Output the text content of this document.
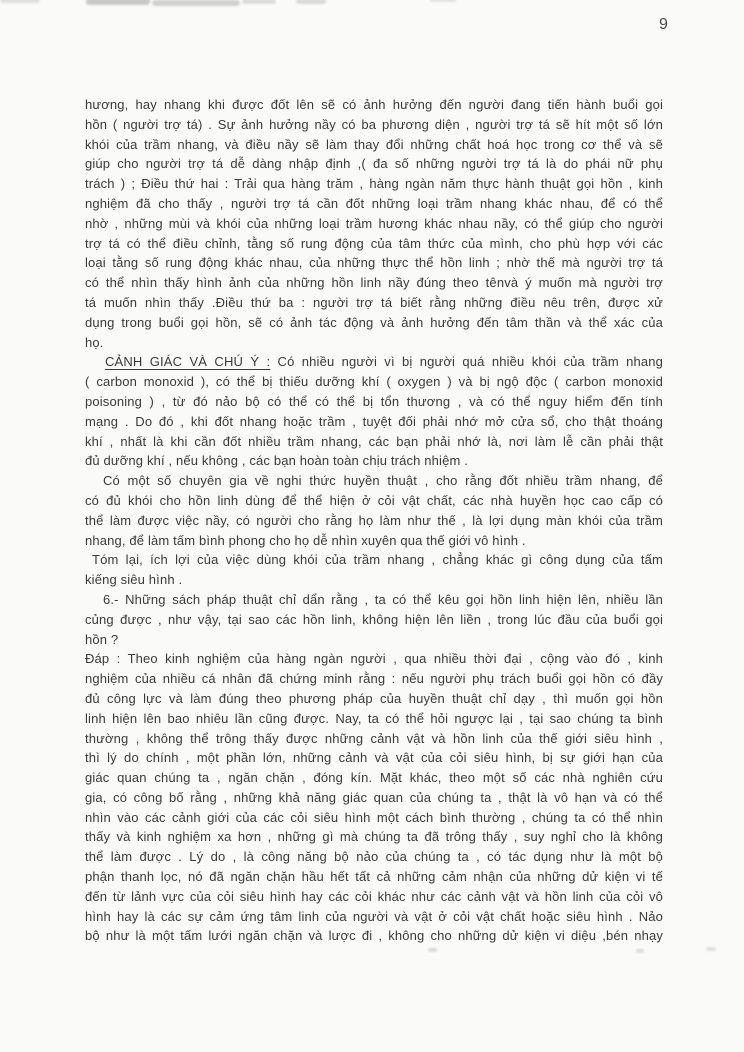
9
hương, hay nhang khi được đốt lên sẽ có ảnh hưởng đến người đang tiến hành buổi gọi
hồn ( người trợ tá) . Sự ảnh hưởng nầy có ba phương diện , người trợ tá sẽ hít một số lớn
khói của trầm nhang, và điều nầy sẽ làm thay đổi những chất hoá học trong cơ thể và sẽ
giúp cho người trợ tá dễ dàng nhập định ,( đa số những người trợ tá là do phái nữ phụ
trách ) ; Điều thứ hai : Trải qua hàng trăm , hàng ngàn năm thực hành thuật gọi hồn , kinh
nghiệm đã cho thấy , người trợ tá cần đốt những loại trầm nhang khác nhau, để có thể
nhờ , những mùi và khói của những loại trầm hương khác nhau nầy, có thể giúp cho người
trợ tá có thể điều chỉnh, tằng số rung động của tâm thức của mình, cho phù hợp với các
loại tằng số rung động khác nhau, của những thực thể hồn linh ; nhờ thế mà người trợ tá
có thể nhìn thấy hình ảnh của những hồn linh nầy đúng theo tênvà ý muốn mà người trợ
tá muốn nhìn thấy .Điều thứ ba : người trợ tá biết rằng những điều nêu trên, được xử
dụng trong buổi gọi hồn, sẽ có ảnh tác động và ảnh hưởng đến tâm thần và thể xác của
họ.
CẢNH GIÁC VÀ CHÚ Ý : Có nhiều người vì bị người quá nhiều khói của trầm nhang
( carbon monoxid ), có thể bị thiếu dưỡng khí ( oxygen ) và bị ngộ độc ( carbon monoxid
poisoning ) , từ đó nảo bộ có thể có thể bị tổn thương , và có thể nguy hiểm đến tính
mạng . Do đó , khi đốt nhang hoặc trầm , tuyệt đối phải nhớ mở cửa sổ, cho thật thoáng
khí , nhất là khi cần đốt nhiều trầm nhang, các bạn phải nhớ là, nơi làm lễ cần phải thật
đủ dưỡng khí , nếu không , các bạn hoàn toàn chịu trách nhiệm .
Có một số chuyên gia về nghi thức huyền thuật , cho rằng đốt nhiều trầm nhang, để
có đủ khói cho hồn linh dùng để thể hiện ở cỏi vật chất, các nhà huyền học cao cấp có
thể làm được việc nầy, có người cho rằng họ làm như thế , là lợi dụng màn khói của trầm
nhang, để làm tấm bình phong cho họ dễ nhìn xuyên qua thế giới vô hình .
Tóm lại, ích lợi của việc dùng khói của trầm nhang , chẳng khác gì công dụng của tấm
kiếng siêu hình .
6.- Những sách pháp thuật chỉ dẩn rằng , ta có thể kêu gọi hồn linh hiện lên, nhiều lần
củng được , như vậy, tại sao các hồn linh, không hiện lên liền , trong lúc đầu của buổi gọi
hồn ?
Đáp : Theo kinh nghiệm của hàng ngàn người , qua nhiều thời đại , cộng vào đó , kinh
nghiệm của nhiều cá nhân đã chứng minh rằng : nếu người phụ trách buổi gọi hồn có đầy
đủ công lực và làm đúng theo phương pháp của huyền thuật chỉ dạy , thì muốn gọi hồn
linh hiện lên bao nhiêu lần cũng được. Nay, ta có thể hỏi ngược lại , tại sao chúng ta bình
thường , không thể trông thấy được những cảnh vật và hồn linh của thế giới siêu hình ,
thì lý do chính , một phần lớn, những cảnh và vật của cỏi siêu hình, bị sự giới hạn của
giác quan chúng ta , ngăn chặn , đóng kín. Mặt khác, theo một số các nhà nghiên cứu
gia, có công bố rằng , những khả năng giác quan của chúng ta , thật là vô hạn và có thể
nhìn vào các cảnh giới của các cỏi siêu hình một cách bình thường , chúng ta có thể nhìn
thấy và kinh nghiệm xa hơn , những gì mà chúng ta đã trông thấy , suy nghỉ cho là không
thể làm được . Lý do , là công năng bộ nảo của chúng ta , có tác dụng như là một bộ
phận thanh lọc, nó đã ngăn chặn hầu hết tất cả những cảm nhận của những dử kiện vi tế
đến từ lảnh vực của cỏi siêu hình hay các cỏi khác như các cảnh vật và hồn linh của cỏi vô
hình hay là các sự cảm ứng tâm linh của người và vật ở cỏi vật chất hoặc siêu hình . Nảo
bộ như là một tấm lưới ngăn chặn và lược đi , không cho những dử kiện vi diệu ,bén nhạy
